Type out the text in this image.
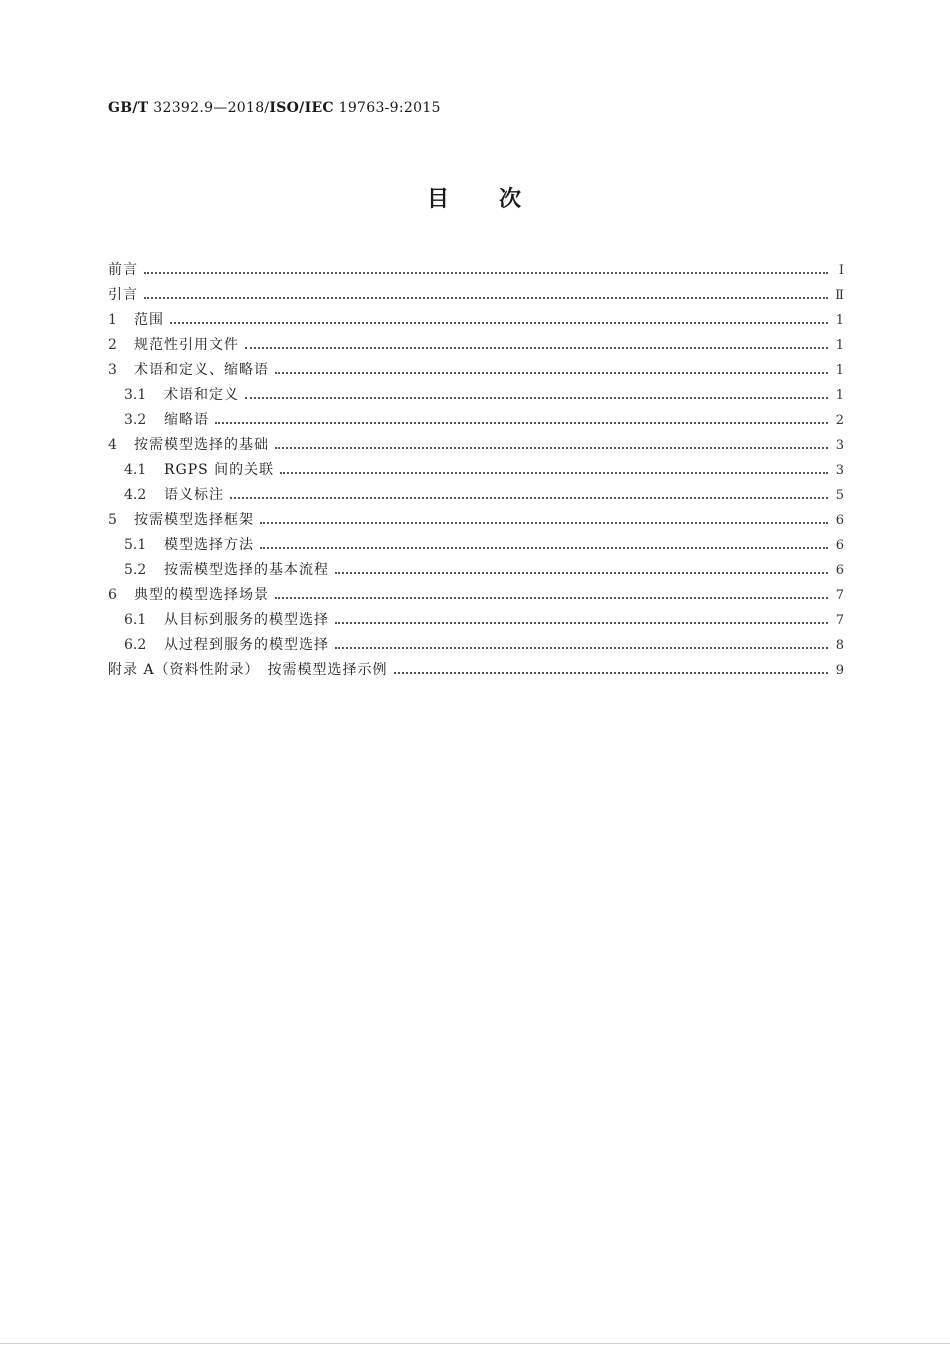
GB/T 32392.9—2018/ISO/IEC 19763-9:2015
目　　次
前言	Ⅰ
引言	Ⅱ
1	范围	1
2	规范性引用文件	1
3	术语和定义、缩略语	1
3.1	术语和定义	1
3.2	缩略语	2
4	按需模型选择的基础	3
4.1	RGPS 间的关联	3
4.2	语义标注	5
5	按需模型选择框架	6
5.1	模型选择方法	6
5.2	按需模型选择的基本流程	6
6	典型的模型选择场景	7
6.1	从目标到服务的模型选择	7
6.2	从过程到服务的模型选择	8
附录 A（资料性附录）　按需模型选择示例	9
